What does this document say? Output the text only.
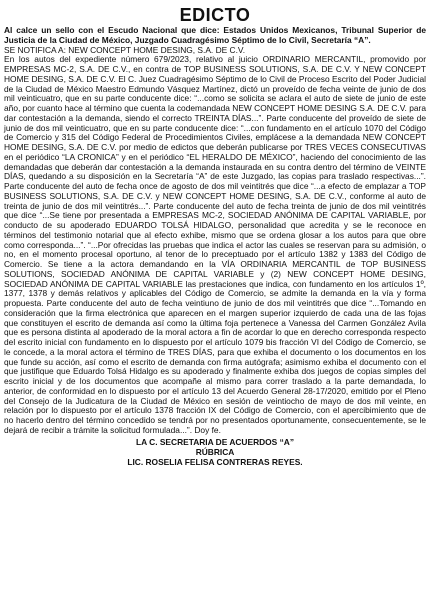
EDICTO
Al calce un sello con el Escudo Nacional que dice: Estados Unidos Mexicanos, Tribunal Superior de Justicia de la Ciudad de México, Juzgado Cuadragésimo Séptimo de lo Civil, Secretaría “A”.

SE NOTIFICA A: NEW CONCEPT HOME DESING, S.A. DE C.V.

En los autos del expediente número 679/2023, relativo al juicio ORDINARIO MERCANTIL, promovido por EMPRESAS MC-2, S.A. DE C.V., en contra de TOP BUSINESS SOLUTIONS, S.A. DE C.V. Y NEW CONCEPT HOME DESING, S.A. DE C.V. El C. Juez Cuadragésimo Séptimo de lo Civil de Proceso Escrito del Poder Judicial de la Ciudad de México Maestro Edmundo Vásquez Martínez, dictó un proveído de fecha veinte de junio de dos mil veinticuatro, que en su parte conducente dice: “...como se solicita se aclara el auto de siete de junio de este año, por cuanto hace al término que cuenta la codemandada NEW CONCEPT HOME DESING S.A. DE C.V. para dar contestación a la demanda, siendo el correcto TREINTA DÍAS...”. Parte conducente del proveído de siete de junio de dos mil veinticuatro, que en su parte conducente dice: “...con fundamento en el artículo 1070 del Código de Comercio y 315 del Código Federal de Procedimientos Civiles, emplácese a la demandada NEW CONCEPT HOME DESING, S.A. DE C.V. por medio de edictos que deberán publicarse por TRES VECES CONSECUTIVAS en el periódico “LA CRONICA” y en el periódico “EL HERALDO DE MÉXICO”, haciendo del conocimiento de las demandadas que deberán dar contestación a la demanda instaurada en su contra dentro del término de VEINTE DÍAS, quedando a su disposición en la Secretaría “A” de este Juzgado, las copias para traslado respectivas...”. Parte conducente del auto de fecha once de agosto de dos mil veintitrés que dice “...a efecto de emplazar a TOP BUSINESS SOLUTIONS, S.A. DE C.V. y NEW CONCEPT HOME DESING, S.A. DE C.V., conforme al auto de treinta de junio de dos mil veintitrés...”. Parte conducente del auto de fecha treinta de junio de dos mil veintitrés que dice “...Se tiene por presentada a EMPRESAS MC-2, SOCIEDAD ANÓNIMA DE CAPITAL VARIABLE, por conducto de su apoderado EDUARDO TOLSÁ HIDALGO, personalidad que acredita y se le reconoce en términos del testimonio notarial que al efecto exhibe, mismo que se ordena glosar a los autos para que obre como corresponda...”. “...Por ofrecidas las pruebas que indica el actor las cuales se reservan para su admisión, o no, en el momento procesal oportuno, al tenor de lo preceptuado por el artículo 1382 y 1383 del Código de Comercio. Se tiene a la actora demandando en la VÍA ORDINARIA MERCANTIL de TOP BUSINESS SOLUTIONS, SOCIEDAD ANÓNIMA DE CAPITAL VARIABLE y (2) NEW CONCEPT HOME DESING, SOCIEDAD ANÓNIMA DE CAPITAL VARIABLE las prestaciones que indica, con fundamento en los artículos 1º, 1377, 1378 y demás relativos y aplicables del Código de Comercio, se admite la demanda en la vía y forma propuesta. Parte conducente del auto de fecha veintiuno de junio de dos mil veintitrés que dice “...Tomando en consideración que la firma electrónica que aparecen en el margen superior izquierdo de cada una de las fojas que constituyen el escrito de demanda así como la última foja pertenece a Vanessa del Carmen González Avila que es persona distinta al apoderado de la moral actora a fin de acordar lo que en derecho corresponda respecto del escrito inicial con fundamento en lo dispuesto por el artículo 1079 bis fracción VI del Código de Comercio, se le concede, a la moral actora el término de TRES DÍAS, para que exhiba el documento o los documentos en los que funde su acción, así como el escrito de demanda con firma autógrafa; asimismo exhiba el documento con el que justifique que Eduardo Tolsá Hidalgo es su apoderado y finalmente exhiba dos juegos de copias simples del escrito inicial y de los documentos que acompañe al mismo para correr traslado a la parte demandada, lo anterior, de conformidad en lo dispuesto por el artículo 13 del Acuerdo General 28-17/2020, emitido por el Pleno del Consejo de la Judicatura de la Ciudad de México en sesión de veintiocho de mayo de dos mil veinte, en relación por lo dispuesto por el artículo 1378 fracción IX del Código de Comercio, con el apercibimiento que de no hacerlo dentro del término concedido se tendrá por no presentados oportunamente, consecuentemente, se le dejará de recibir a trámite la solicitud formulada...”. Doy fe.

LA C. SECRETARIA DE ACUERDOS “A”
RÚBRICA
LIC. ROSELIA FELISA CONTRERAS REYES.
